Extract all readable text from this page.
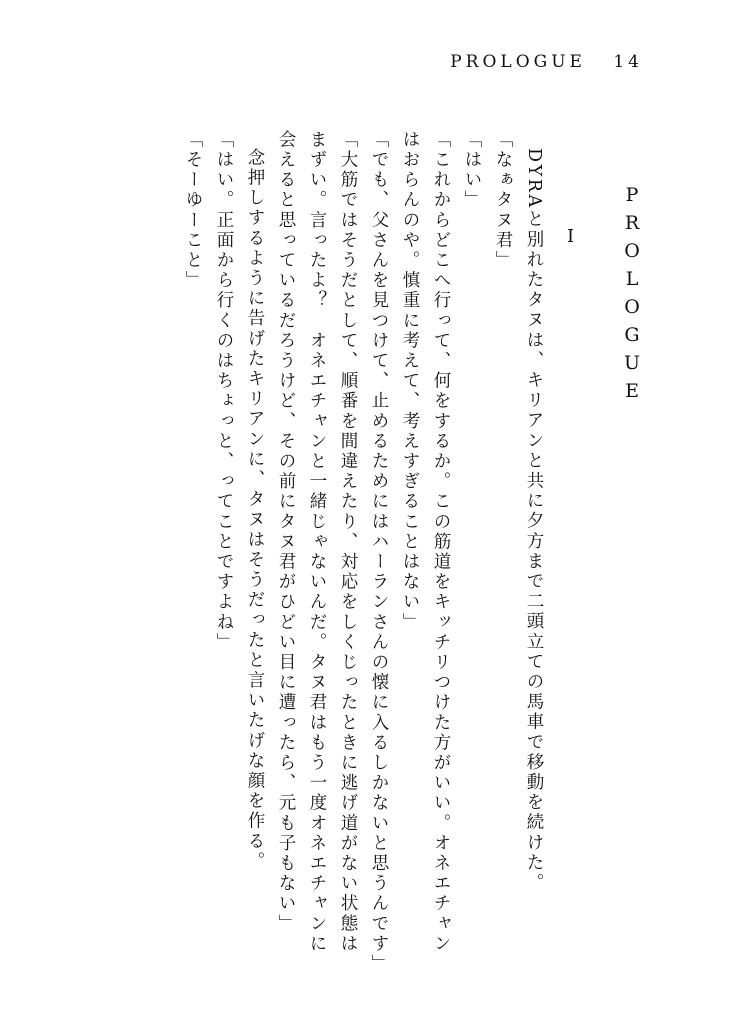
PROLOGUE 14
PROLOGUE
Ⅰ

DYRAと別れたタヌは、キリアンと共に夕方まで二頭立ての馬車で移動を続けた。

「なぁタヌ君」

「はい」

「これからどこへ行って、何をするか。この筋道をキッチリつけた方がいい。オネエチャンはおらんのや。慎重に考えて、考えすぎることはない」

「でも、父さんを見つけて、止めるためにはハーランさんの懐に入るしかないと思うんです」

「大筋ではそうだとして、順番を間違えたり、対応をしくじったときに逃げ道がない状態はまずい。言ったよ？　オネエチャンと一緒じゃないんだ。タヌ君はもう一度オネエチャンに会えると思っているだろうけど、その前にタヌ君がひどい目に遭ったら、元も子もない」

念押しするように告げたキリアンに、タヌはそうだったと言いたげな顔を作る。

「はい。正面から行くのはちょっと、ってことですよね」

「そーゆーこと」
